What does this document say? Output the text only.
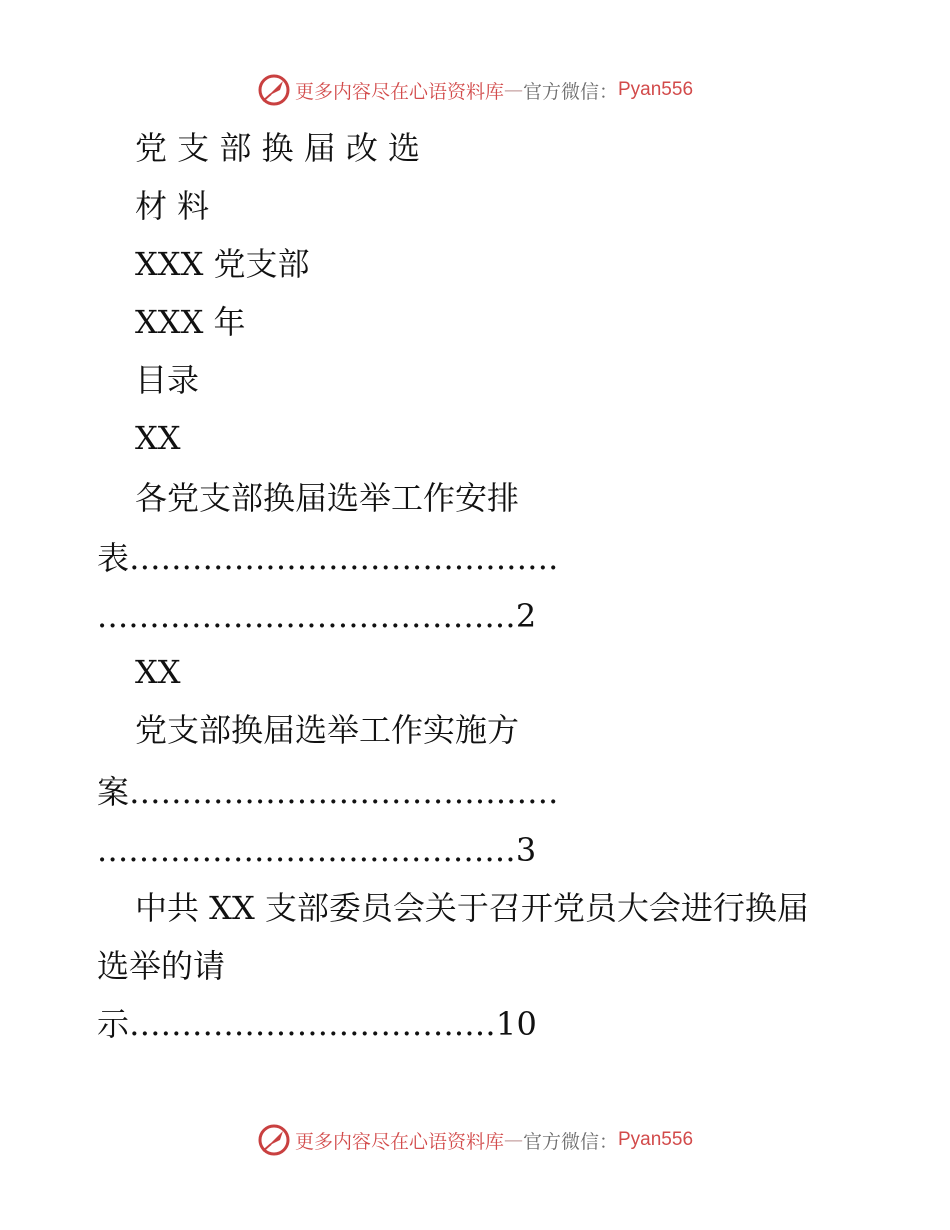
更多内容尽在心语资料库 — 官方微信： Pyan556
党 支 部 换 届 改 选
材 料
XXX 党支部
XXX 年
目录
XX
各党支部换届选举工作安排
表.........................................
........................................2
XX
党支部换届选举工作实施方
案.........................................
........................................3
中共 XX 支部委员会关于召开党员大会进行换届
选举的请
示...................................10
更多内容尽在心语资料库 — 官方微信： Pyan556
